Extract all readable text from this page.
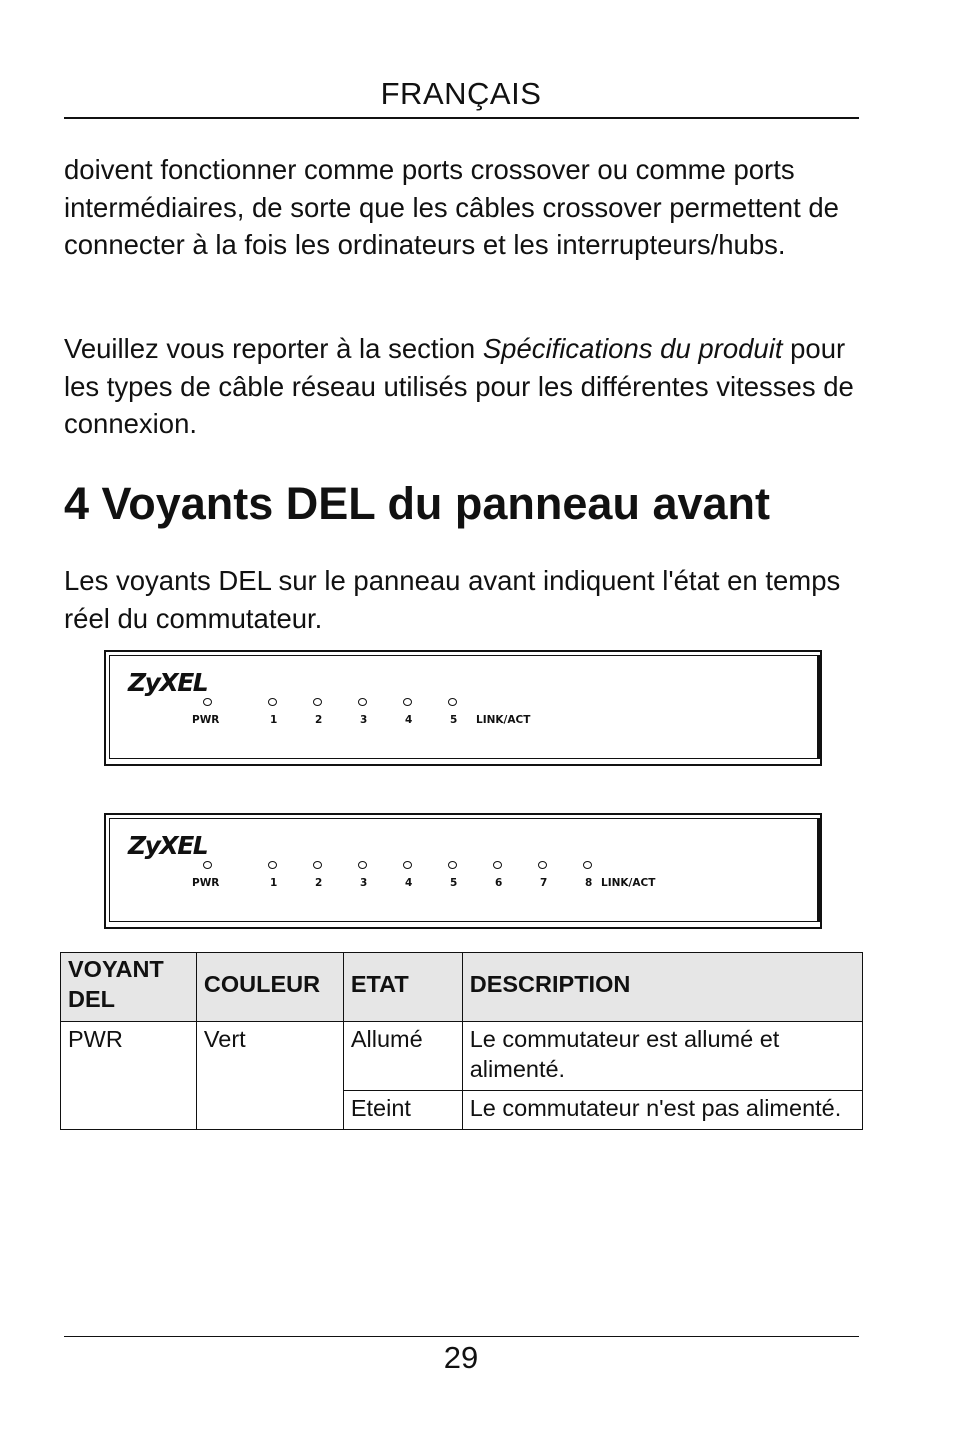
FRANÇAIS

doivent fonctionner comme ports crossover ou comme ports intermédiaires, de sorte que les câbles crossover permettent de connecter à la fois les ordinateurs et les interrupteurs/hubs.

Veuillez vous reporter à la section Spécifications du produit pour les types de câble réseau utilisés pour les différentes vitesses de connexion.

4 Voyants DEL du panneau avant

Les voyants DEL sur le panneau avant indiquent l'état en temps réel du commutateur.

ZyXEL
PWR	1	2	3	4	5 LINK/ACT
ZyXEL
PWR	1	2	3	4	5	6	7	8 LINK/ACT
VOYANT DEL	COULEUR	ETAT	DESCRIPTION
PWR	Vert	Allumé	Le commutateur est allumé et alimenté.
		Eteint	Le commutateur n'est pas alimenté.
29
